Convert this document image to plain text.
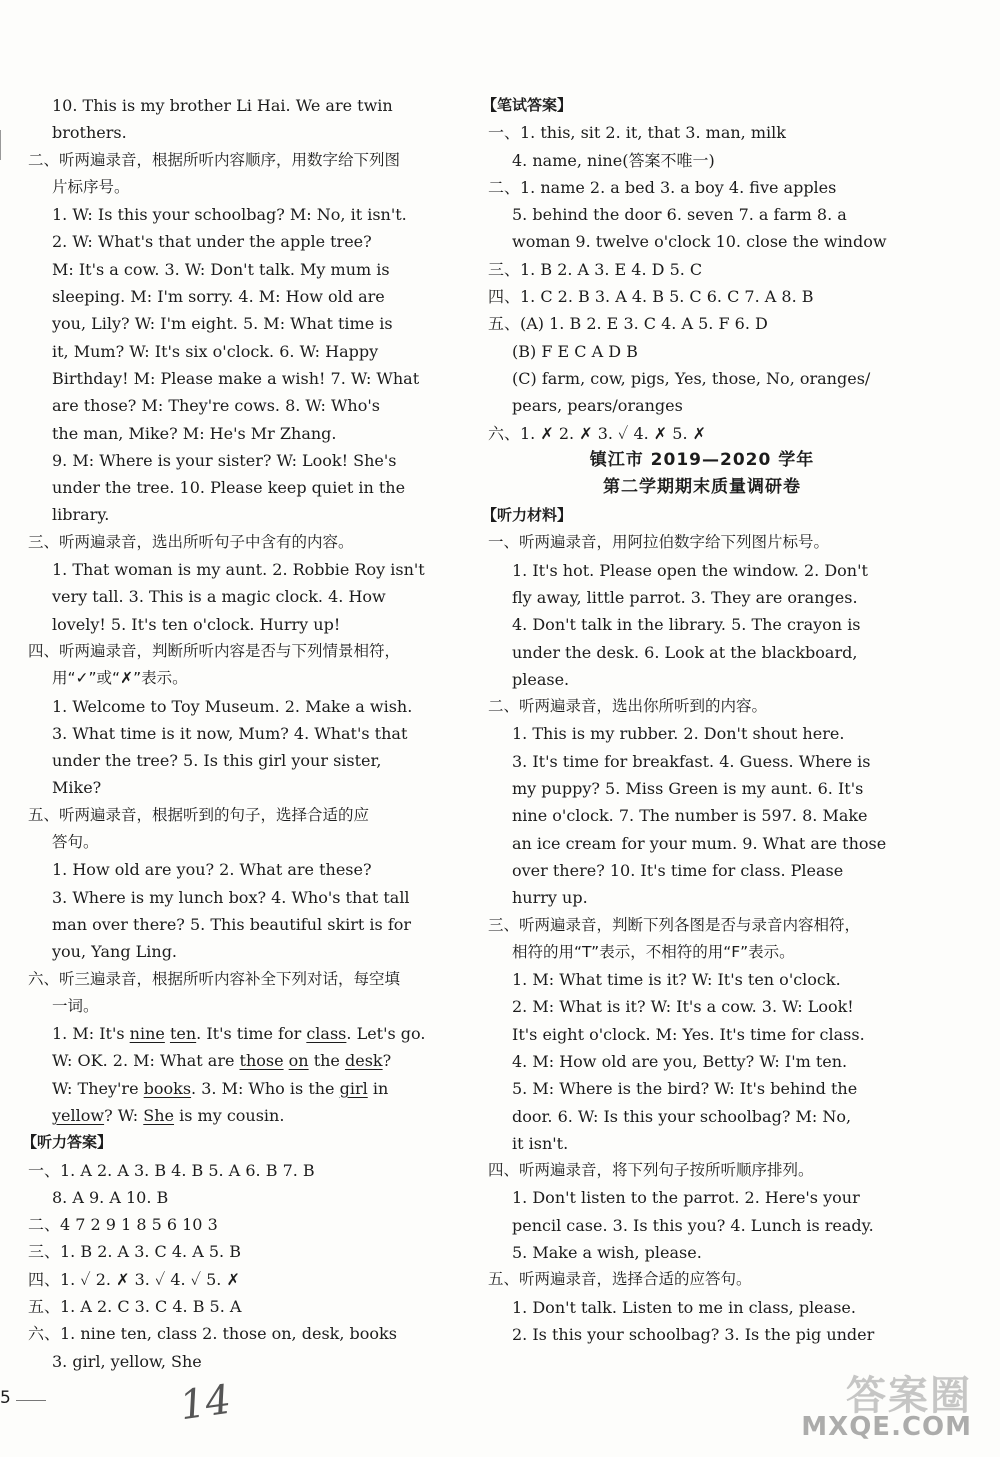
10. This is my brother Li Hai. We are twin
brothers.
二、听两遍录音，根据所听内容顺序，用数字给下列图
片标序号。
1. W: Is this your schoolbag? M: No, it isn't.
2. W: What's that under the apple tree?
M: It's a cow. 3. W: Don't talk. My mum is
sleeping. M: I'm sorry. 4. M: How old are
you, Lily? W: I'm eight. 5. M: What time is
it, Mum? W: It's six o'clock. 6. W: Happy
Birthday! M: Please make a wish! 7. W: What
are those? M: They're cows. 8. W: Who's
the man, Mike? M: He's Mr Zhang.
9. M: Where is your sister? W: Look! She's
under the tree. 10. Please keep quiet in the
library.
三、听两遍录音，选出所听句子中含有的内容。
1. That woman is my aunt. 2. Robbie Roy isn't
very tall. 3. This is a magic clock. 4. How
lovely! 5. It's ten o'clock. Hurry up!
四、听两遍录音，判断所听内容是否与下列情景相符，
用“✓”或“✗”表示。
1. Welcome to Toy Museum. 2. Make a wish.
3. What time is it now, Mum? 4. What's that
under the tree? 5. Is this girl your sister,
Mike?
五、听两遍录音，根据听到的句子，选择合适的应
答句。
1. How old are you? 2. What are these?
3. Where is my lunch box? 4. Who's that tall
man over there? 5. This beautiful skirt is for
you, Yang Ling.
六、听三遍录音，根据所听内容补全下列对话，每空填
一词。
1. M: It's nine ten. It's time for class. Let's go.
W: OK. 2. M: What are those on the desk?
W: They're books. 3. M: Who is the girl in
yellow? W: She is my cousin.
【听力答案】
一、1. A 2. A 3. B 4. B 5. A 6. B 7. B
8. A 9. A 10. B
二、4 7 2 9 1 8 5 6 10 3
三、1. B 2. A 3. C 4. A 5. B
四、1. ✓ 2. ✗ 3. ✓ 4. ✓ 5. ✗
五、1. A 2. C 3. C 4. B 5. A
六、1. nine ten, class 2. those on, desk, books
3. girl, yellow, She
【笔试答案】
一、1. this, sit 2. it, that 3. man, milk
4. name, nine(答案不唯一)
二、1. name 2. a bed 3. a boy 4. five apples
5. behind the door 6. seven 7. a farm 8. a
woman 9. twelve o'clock 10. close the window
三、1. B 2. A 3. E 4. D 5. C
四、1. C 2. B 3. A 4. B 5. C 6. C 7. A 8. B
五、(A) 1. B 2. E 3. C 4. A 5. F 6. D
(B) F E C A D B
(C) farm, cow, pigs, Yes, those, No, oranges/
pears, pears/oranges
六、1. ✗ 2. ✗ 3. ✓ 4. ✗ 5. ✗
镇江市 2019—2020 学年
第二学期期末质量调研卷
【听力材料】
一、听两遍录音，用阿拉伯数字给下列图片标号。
1. It's hot. Please open the window. 2. Don't
fly away, little parrot. 3. They are oranges.
4. Don't talk in the library. 5. The crayon is
under the desk. 6. Look at the blackboard,
please.
二、听两遍录音，选出你所听到的内容。
1. This is my rubber. 2. Don't shout here.
3. It's time for breakfast. 4. Guess. Where is
my puppy? 5. Miss Green is my aunt. 6. It's
nine o'clock. 7. The number is 597. 8. Make
an ice cream for your mum. 9. What are those
over there? 10. It's time for class. Please
hurry up.
三、听两遍录音，判断下列各图是否与录音内容相符，
相符的用“T”表示，不相符的用“F”表示。
1. M: What time is it? W: It's ten o'clock.
2. M: What is it? W: It's a cow. 3. W: Look!
It's eight o'clock. M: Yes. It's time for class.
4. M: How old are you, Betty? W: I'm ten.
5. M: Where is the bird? W: It's behind the
door. 6. W: Is this your schoolbag? M: No,
it isn't.
四、听两遍录音，将下列句子按所听顺序排列。
1. Don't listen to the parrot. 2. Here's your
pencil case. 3. Is this you? 4. Lunch is ready.
5. Make a wish, please.
五、听两遍录音，选择合适的应答句。
1. Don't talk. Listen to me in class, please.
2. Is this your schoolbag? 3. Is the pig under
5	14	答案圈
MXQE.COM
